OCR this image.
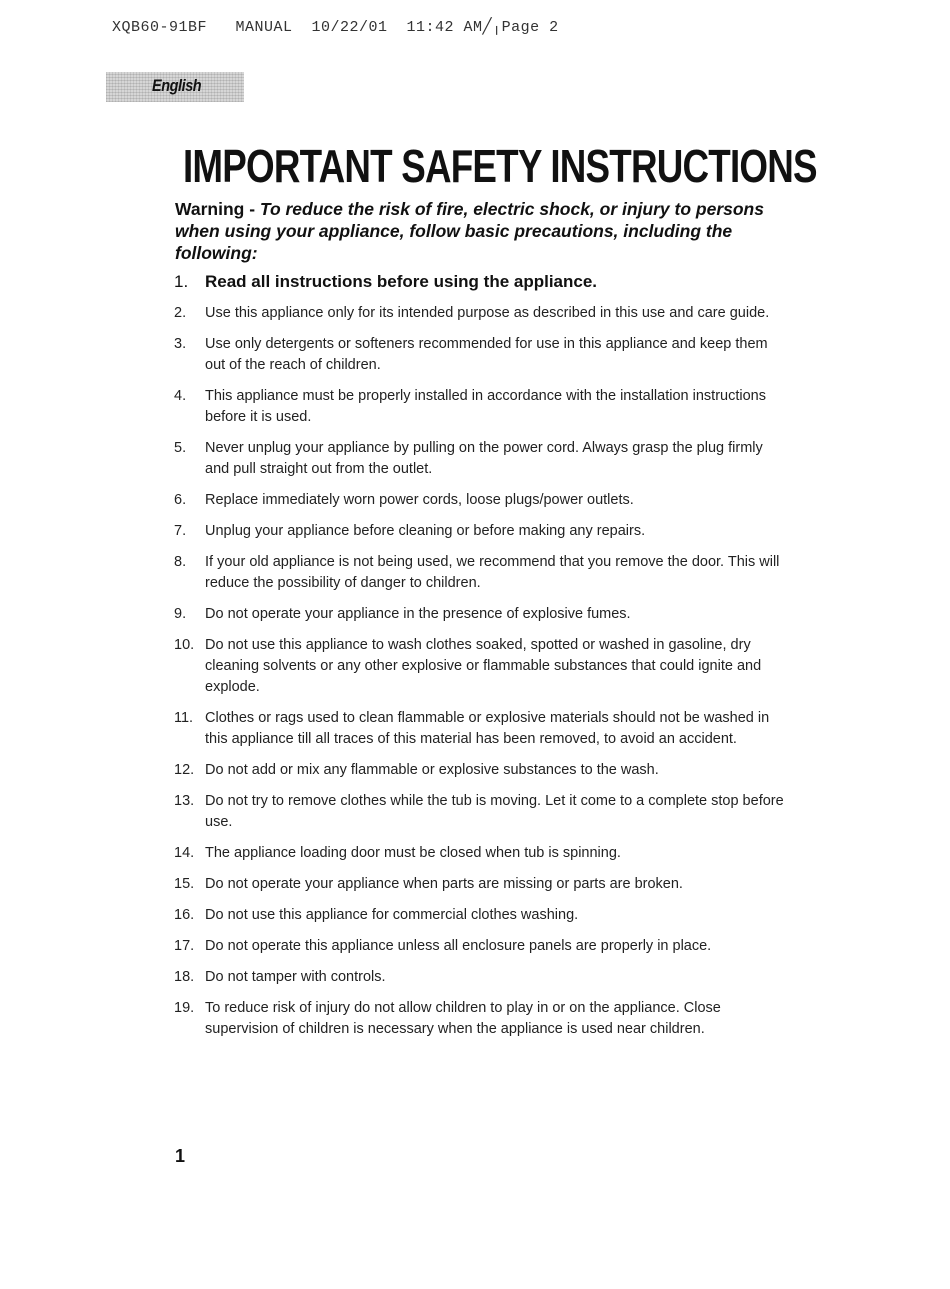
XQB60-91BF   MANUAL  10/22/01  11:42 AM╱╷Page 2
English
IMPORTANT SAFETY INSTRUCTIONS

Warning - To reduce the risk of fire, electric shock, or injury to persons when using your appliance, follow basic precautions, including the following:

1. Read all instructions before using the appliance.
2. Use this appliance only for its intended purpose as described in this use and care guide.
3. Use only detergents or softeners recommended for use in this appliance and keep them out of the reach of children.
4. This appliance must be properly installed in accordance with the installation instructions before it is used.
5. Never unplug your appliance by pulling on the power cord. Always grasp the plug firmly and pull straight out from the outlet.
6. Replace immediately worn power cords, loose plugs/power outlets.
7. Unplug your appliance before cleaning or before making any repairs.
8. If your old appliance is not being used, we recommend that you remove the door. This will reduce the possibility of danger to children.
9. Do not operate your appliance in the presence of explosive fumes.
10. Do not use this appliance to wash clothes soaked, spotted or washed in gasoline, dry cleaning solvents or any other explosive or flammable substances that could ignite and explode.
11. Clothes or rags used to clean flammable or explosive materials should not be washed in this appliance till all traces of this material has been removed, to avoid an accident.
12. Do not add or mix any flammable or explosive substances to the wash.
13. Do not try to remove clothes while the tub is moving. Let it come to a complete stop before use.
14. The appliance loading door must be closed when tub is spinning.
15. Do not operate your appliance when parts are missing or parts are broken.
16. Do not use this appliance for commercial clothes washing.
17. Do not operate this appliance unless all enclosure panels are properly in place.
18. Do not tamper with controls.
19. To reduce risk of injury do not allow children to play in or on the appliance. Close supervision of children is necessary when the appliance is used near children.
1
